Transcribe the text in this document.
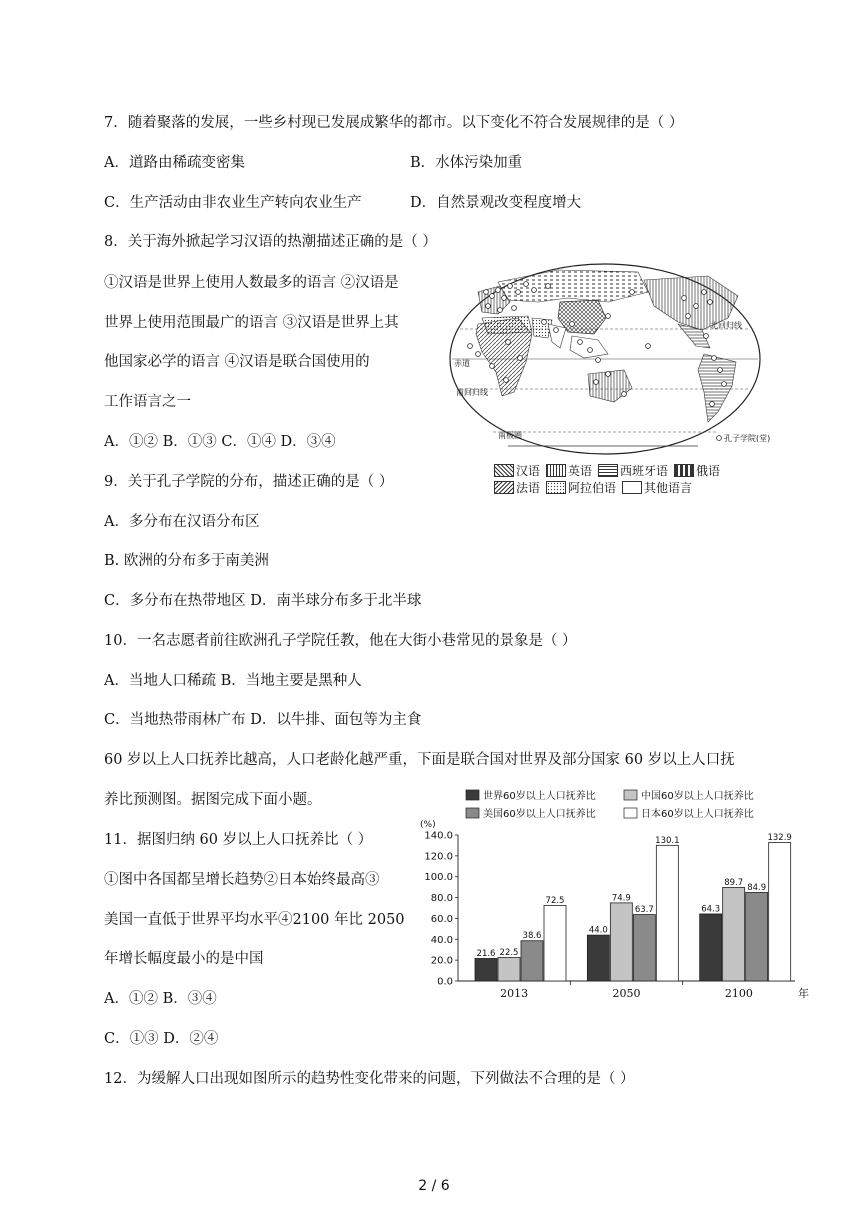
7．随着聚落的发展，一些乡村现已发展成繁华的都市。以下变化不符合发展规律的是（ ）
A．道路由稀疏变密集	B．水体污染加重
C．生产活动由非农业生产转向农业生产	D．自然景观改变程度增大
8．关于海外掀起学习汉语的热潮描述正确的是（ ）
①汉语是世界上使用人数最多的语言 ②汉语是
世界上使用范围最广的语言 ③汉语是世界上其
他国家必学的语言 ④汉语是联合国使用的
工作语言之一
A．①② B．①③ C．①④ D．③④
北回归线
赤道
南回归线
南极圈	孔子学院(堂)
汉语 英语 西班牙语 俄语
法语 阿拉伯语 其他语言
9．关于孔子学院的分布，描述正确的是（ ）
A．多分布在汉语分布区
B. 欧洲的分布多于南美洲
C．多分布在热带地区 D．南半球分布多于北半球
10．一名志愿者前往欧洲孔子学院任教，他在大街小巷常见的景象是（ ）
A．当地人口稀疏 B．当地主要是黑种人
C．当地热带雨林广布 D．以牛排、面包等为主食
60 岁以上人口抚养比越高，人口老龄化越严重，下面是联合国对世界及部分国家 60 岁以上人口抚
养比预测图。据图完成下面小题。
11．据图归纳 60 岁以上人口抚养比（ ）
①图中各国都呈增长趋势②日本始终最高③
美国一直低于世界平均水平④2100 年比 2050
年增长幅度最小的是中国
A．①② B．③④
C．①③ D．②④
世界60岁以上人口抚养比	中国60岁以上人口抚养比
美国60岁以上人口抚养比	日本60岁以上人口抚养比
(%)
0.0
20.0
40.0
60.0
80.0
100.0
120.0
140.0
21.6 22.5
38.6
72.5
2013
44.0
74.9
63.7
130.1
2050
64.3
89.7
84.9
132.9
2100	年
12．为缓解人口出现如图所示的趋势性变化带来的问题，下列做法不合理的是（ ）
2 / 6
